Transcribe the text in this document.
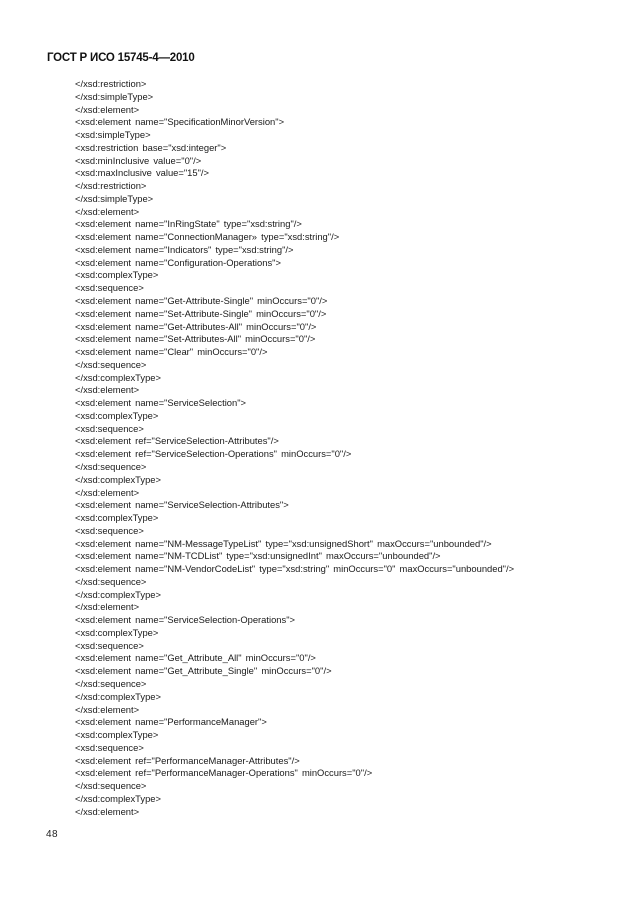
ГОСТ Р ИСО 15745-4—2010
</xsd:restriction>
</xsd:simpleType>
</xsd:element>
<xsd:element name="SpecificationMinorVersion">
<xsd:simpleType>
<xsd:restriction base="xsd:integer">
<xsd:minInclusive value="0"/>
<xsd:maxInclusive value="15"/>
</xsd:restriction>
</xsd:simpleType>
</xsd:element>
<xsd:element name="InRingState" type="xsd:string"/>
<xsd:element name="ConnectionManager» type="xsd:string"/>
<xsd:element name="Indicators" type="xsd:string"/>
<xsd:element name="Configuration-Operations">
<xsd:complexType>
<xsd:sequence>
<xsd:element name="Get-Attribute-Single" minOccurs="0"/>
<xsd:element name="Set-Attribute-Single" minOccurs="0"/>
<xsd:element name="Get-Attributes-All" minOccurs="0"/>
<xsd:element name="Set-Attributes-All" minOccurs="0"/>
<xsd:element name="Clear" minOccurs="0"/>
</xsd:sequence>
</xsd:complexType>
</xsd:element>
<xsd:element name="ServiceSelection">
<xsd:complexType>
<xsd:sequence>
<xsd:element ref="ServiceSelection-Attributes"/>
<xsd:element ref="ServiceSelection-Operations" minOccurs="0"/>
</xsd:sequence>
</xsd:complexType>
</xsd:element>
<xsd:element name="ServiceSelection-Attributes">
<xsd:complexType>
<xsd:sequence>
<xsd:element name="NM-MessageTypeList" type="xsd:unsignedShort" maxOccurs="unbounded"/>
<xsd:element name="NM-TCDList" type="xsd:unsignedInt" maxOccurs="unbounded"/>
<xsd:element name="NM-VendorCodeList" type="xsd:string" minOccurs="0" maxOccurs="unbounded"/>
</xsd:sequence>
</xsd:complexType>
</xsd:element>
<xsd:element name="ServiceSelection-Operations">
<xsd:complexType>
<xsd:sequence>
<xsd:element name="Get_Attribute_All" minOccurs="0"/>
<xsd:element name="Get_Attribute_Single" minOccurs="0"/>
</xsd:sequence>
</xsd:complexType>
</xsd:element>
<xsd:element name="PerformanceManager">
<xsd:complexType>
<xsd:sequence>
<xsd:element ref="PerformanceManager-Attributes"/>
<xsd:element ref="PerformanceManager-Operations" minOccurs="0"/>
</xsd:sequence>
</xsd:complexType>
</xsd:element>
48
